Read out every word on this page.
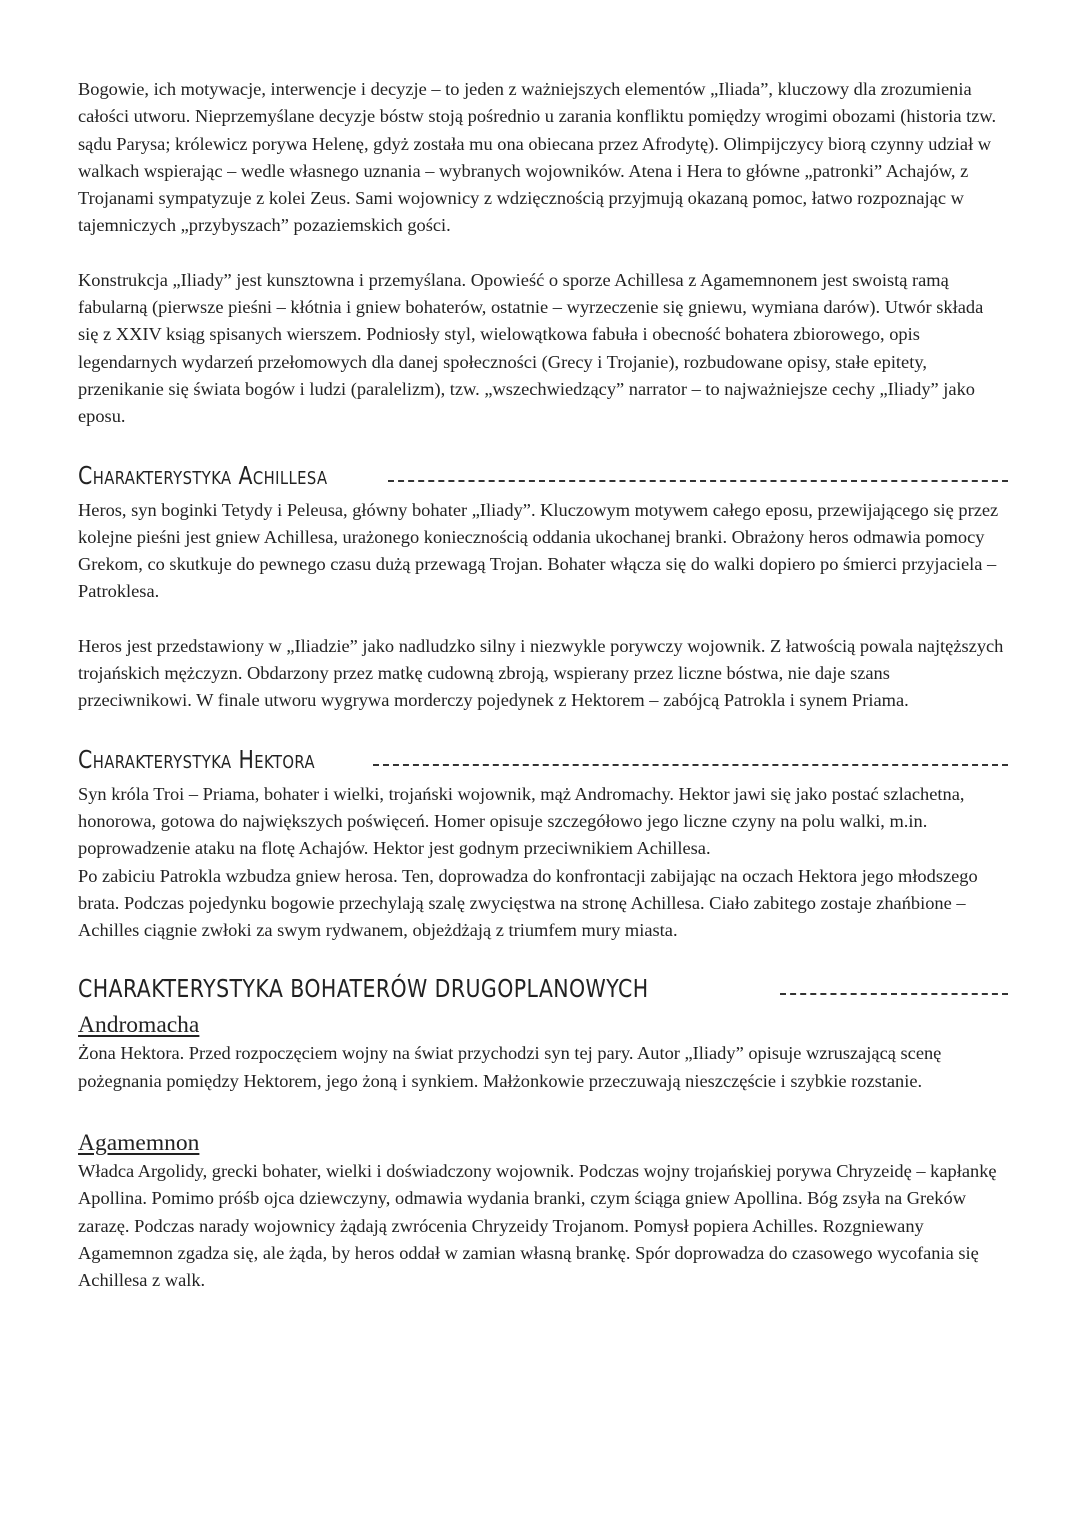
Bogowie, ich motywacje, interwencje i decyzje – to jeden z ważniejszych elementów „Iliada”, kluczowy dla zrozumienia całości utworu. Nieprzemyślane decyzje bóstw stoją pośrednio u zarania konfliktu pomiędzy wrogimi obozami (historia tzw. sądu Parysa; królewicz porywa Helenę, gdyż została mu ona obiecana przez Afrodytę). Olimpijczycy biorą czynny udział w walkach wspierając – wedle własnego uznania – wybranych wojowników. Atena i Hera to główne „patronki” Achajów, z Trojanami sympatyzuje z kolei Zeus. Sami wojownicy z wdzięcznością przyjmują okazaną pomoc, łatwo rozpoznając w tajemniczych „przybyszach” pozaziemskich gości.

Konstrukcja „Iliady” jest kunsztowna i przemyślana. Opowieść o sporze Achillesa z Agamemnonem jest swoistą ramą fabularną (pierwsze pieśni – kłótnia i gniew bohaterów, ostatnie – wyrzeczenie się gniewu, wymiana darów). Utwór składa się z XXIV ksiąg spisanych wierszem. Podniosły styl, wielowątkowa fabuła i obecność bohatera zbiorowego, opis legendarnych wydarzeń przełomowych dla danej społeczności (Grecy i Trojanie), rozbudowane opisy, stałe epitety, przenikanie się świata bogów i ludzi (paralelizm), tzw. „wszechwiedzący” narrator – to najważniejsze cechy „Iliady” jako eposu.

Charakterystyka Achillesa

Heros, syn boginki Tetydy i Peleusa, główny bohater „Iliady”. Kluczowym motywem całego eposu, przewijającego się przez kolejne pieśni jest gniew Achillesa, urażonego koniecznością oddania ukochanej branki. Obrażony heros odmawia pomocy Grekom, co skutkuje do pewnego czasu dużą przewagą Trojan. Bohater włącza się do walki dopiero po śmierci przyjaciela – Patroklesa.

Heros jest przedstawiony w „Iliadzie” jako nadludzko silny i niezwykle porywczy wojownik. Z łatwością powala najtęższych trojańskich mężczyzn. Obdarzony przez matkę cudowną zbroją, wspierany przez liczne bóstwa, nie daje szans przeciwnikowi. W finale utworu wygrywa morderczy pojedynek z Hektorem – zabójcą Patrokla i synem Priama.

Charakterystyka Hektora

Syn króla Troi – Priama, bohater i wielki, trojański wojownik, mąż Andromachy. Hektor jawi się jako postać szlachetna, honorowa, gotowa do największych poświęceń. Homer opisuje szczegółowo jego liczne czyny na polu walki, m.in. poprowadzenie ataku na flotę Achajów. Hektor jest godnym przeciwnikiem Achillesa.

Po zabiciu Patrokla wzbudza gniew herosa. Ten, doprowadza do konfrontacji zabijając na oczach Hektora jego młodszego brata. Podczas pojedynku bogowie przechylają szalę zwycięstwa na stronę Achillesa. Ciało zabitego zostaje zhańbione – Achilles ciągnie zwłoki za swym rydwanem, objeżdżają z triumfem mury miasta.

CHARAKTERYSTYKA BOHATERÓW DRUGOPLANOWYCH
Andromacha

Żona Hektora. Przed rozpoczęciem wojny na świat przychodzi syn tej pary. Autor „Iliady” opisuje wzruszającą scenę pożegnania pomiędzy Hektorem, jego żoną i synkiem. Małżonkowie przeczuwają nieszczęście i szybkie rozstanie.

Agamemnon

Władca Argolidy, grecki bohater, wielki i doświadczony wojownik. Podczas wojny trojańskiej porywa Chryzeidę – kapłankę Apollina. Pomimo próśb ojca dziewczyny, odmawia wydania branki, czym ściąga gniew Apollina. Bóg zsyła na Greków zarazę. Podczas narady wojownicy żądają zwrócenia Chryzeidy Trojanom. Pomysł popiera Achilles. Rozgniewany Agamemnon zgadza się, ale żąda, by heros oddał w zamian własną brankę. Spór doprowadza do czasowego wycofania się Achillesa z walk.
